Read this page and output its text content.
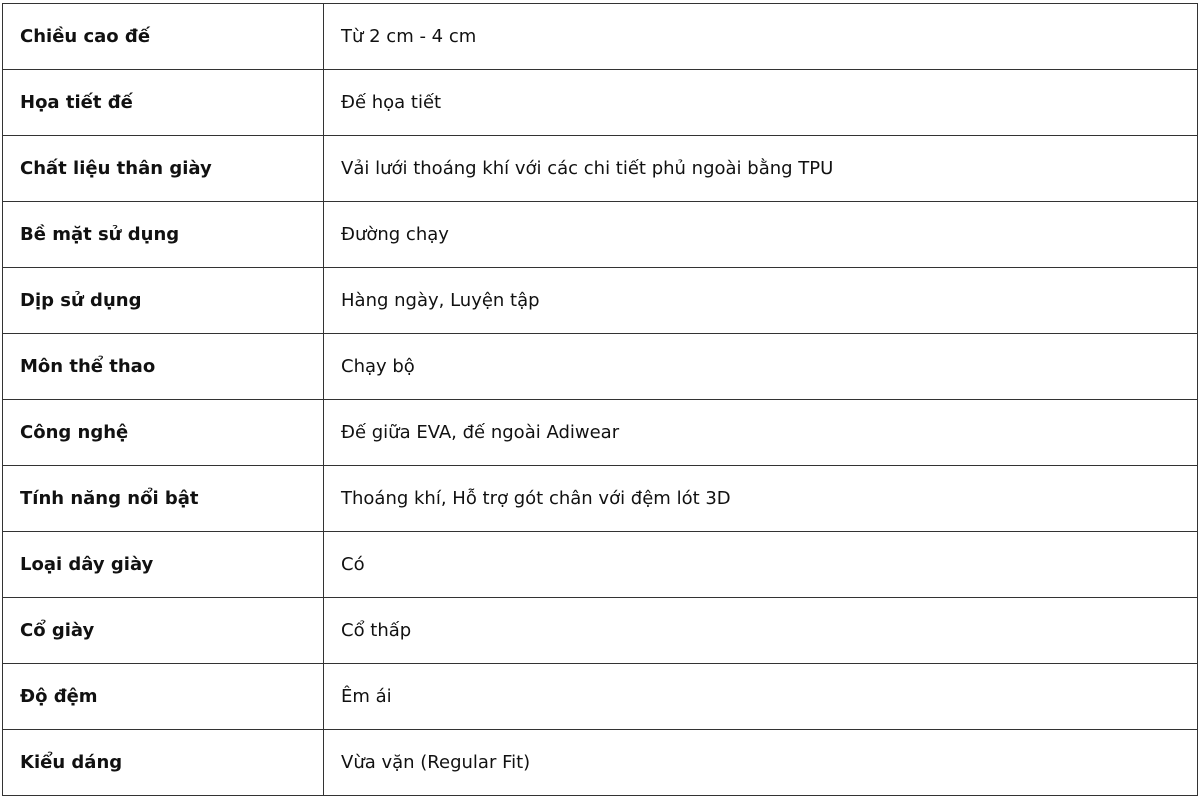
Chiều cao đế	Từ 2 cm - 4 cm
Họa tiết đế	Đế họa tiết
Chất liệu thân giày	Vải lưới thoáng khí với các chi tiết phủ ngoài bằng TPU
Bề mặt sử dụng	Đường chạy
Dịp sử dụng	Hàng ngày, Luyện tập
Môn thể thao	Chạy bộ
Công nghệ	Đế giữa EVA, đế ngoài Adiwear
Tính năng nổi bật	Thoáng khí, Hỗ trợ gót chân với đệm lót 3D
Loại dây giày	Có
Cổ giày	Cổ thấp
Độ đệm	Êm ái
Kiểu dáng	Vừa vặn (Regular Fit)
